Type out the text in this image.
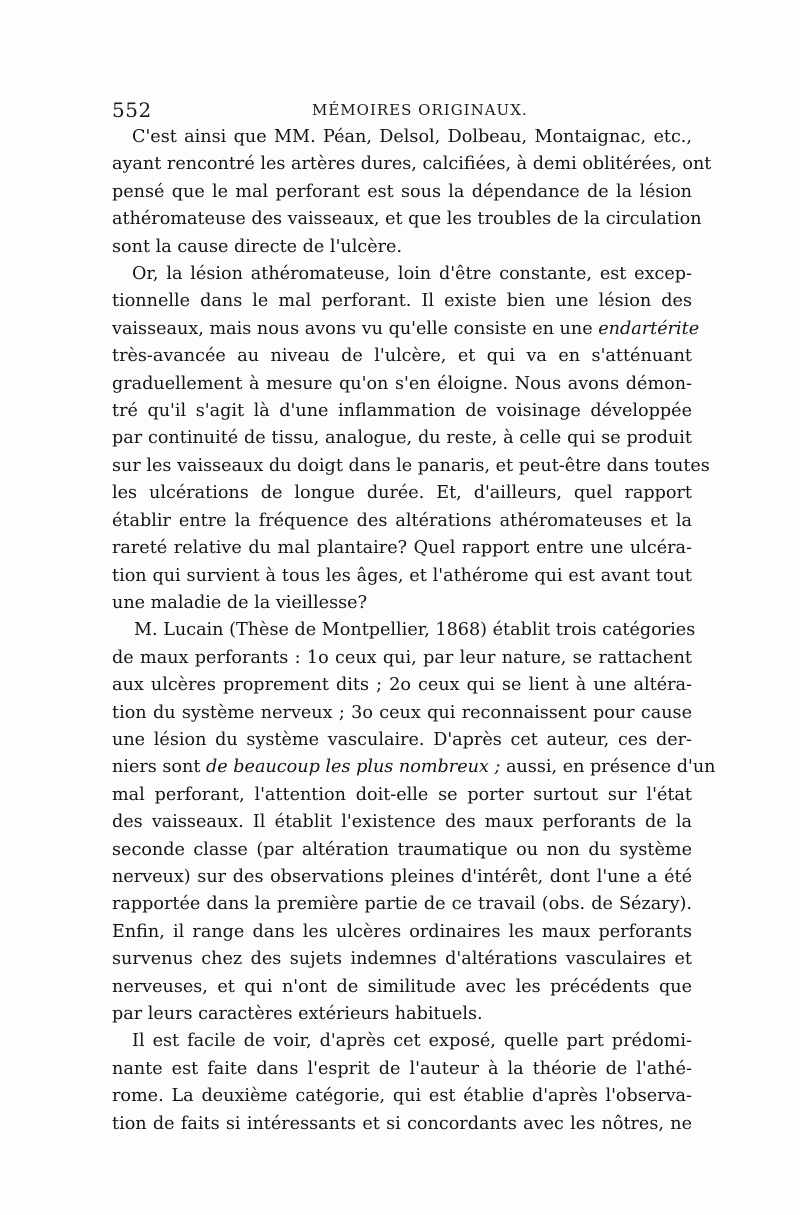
552	MÉMOIRES ORIGINAUX.

C'est ainsi que MM. Péan, Delsol, Dolbeau, Montaignac, etc.,
ayant rencontré les artères dures, calcifiées, à demi oblitérées, ont
pensé que le mal perforant est sous la dépendance de la lésion
athéromateuse des vaisseaux, et que les troubles de la circulation
sont la cause directe de l'ulcère.

Or, la lésion athéromateuse, loin d'être constante, est excep-
tionnelle dans le mal perforant. Il existe bien une lésion des
vaisseaux, mais nous avons vu qu'elle consiste en une endartérite
très-avancée au niveau de l'ulcère, et qui va en s'atténuant
graduellement à mesure qu'on s'en éloigne. Nous avons démon-
tré qu'il s'agit là d'une inflammation de voisinage développée
par continuité de tissu, analogue, du reste, à celle qui se produit
sur les vaisseaux du doigt dans le panaris, et peut-être dans toutes
les ulcérations de longue durée. Et, d'ailleurs, quel rapport
établir entre la fréquence des altérations athéromateuses et la
rareté relative du mal plantaire? Quel rapport entre une ulcéra-
tion qui survient à tous les âges, et l'athérome qui est avant tout
une maladie de la vieillesse?

M. Lucain (Thèse de Montpellier, 1868) établit trois catégories
de maux perforants : 1o ceux qui, par leur nature, se rattachent
aux ulcères proprement dits ; 2o ceux qui se lient à une altéra-
tion du système nerveux ; 3o ceux qui reconnaissent pour cause
une lésion du système vasculaire. D'après cet auteur, ces der-
niers sont de beaucoup les plus nombreux ; aussi, en présence d'un
mal perforant, l'attention doit-elle se porter surtout sur l'état
des vaisseaux. Il établit l'existence des maux perforants de la
seconde classe (par altération traumatique ou non du système
nerveux) sur des observations pleines d'intérêt, dont l'une a été
rapportée dans la première partie de ce travail (obs. de Sézary).
Enfin, il range dans les ulcères ordinaires les maux perforants
survenus chez des sujets indemnes d'altérations vasculaires et
nerveuses, et qui n'ont de similitude avec les précédents que
par leurs caractères extérieurs habituels.

Il est facile de voir, d'après cet exposé, quelle part prédomi-
nante est faite dans l'esprit de l'auteur à la théorie de l'athé-
rome. La deuxième catégorie, qui est établie d'après l'observa-
tion de faits si intéressants et si concordants avec les nôtres, ne
